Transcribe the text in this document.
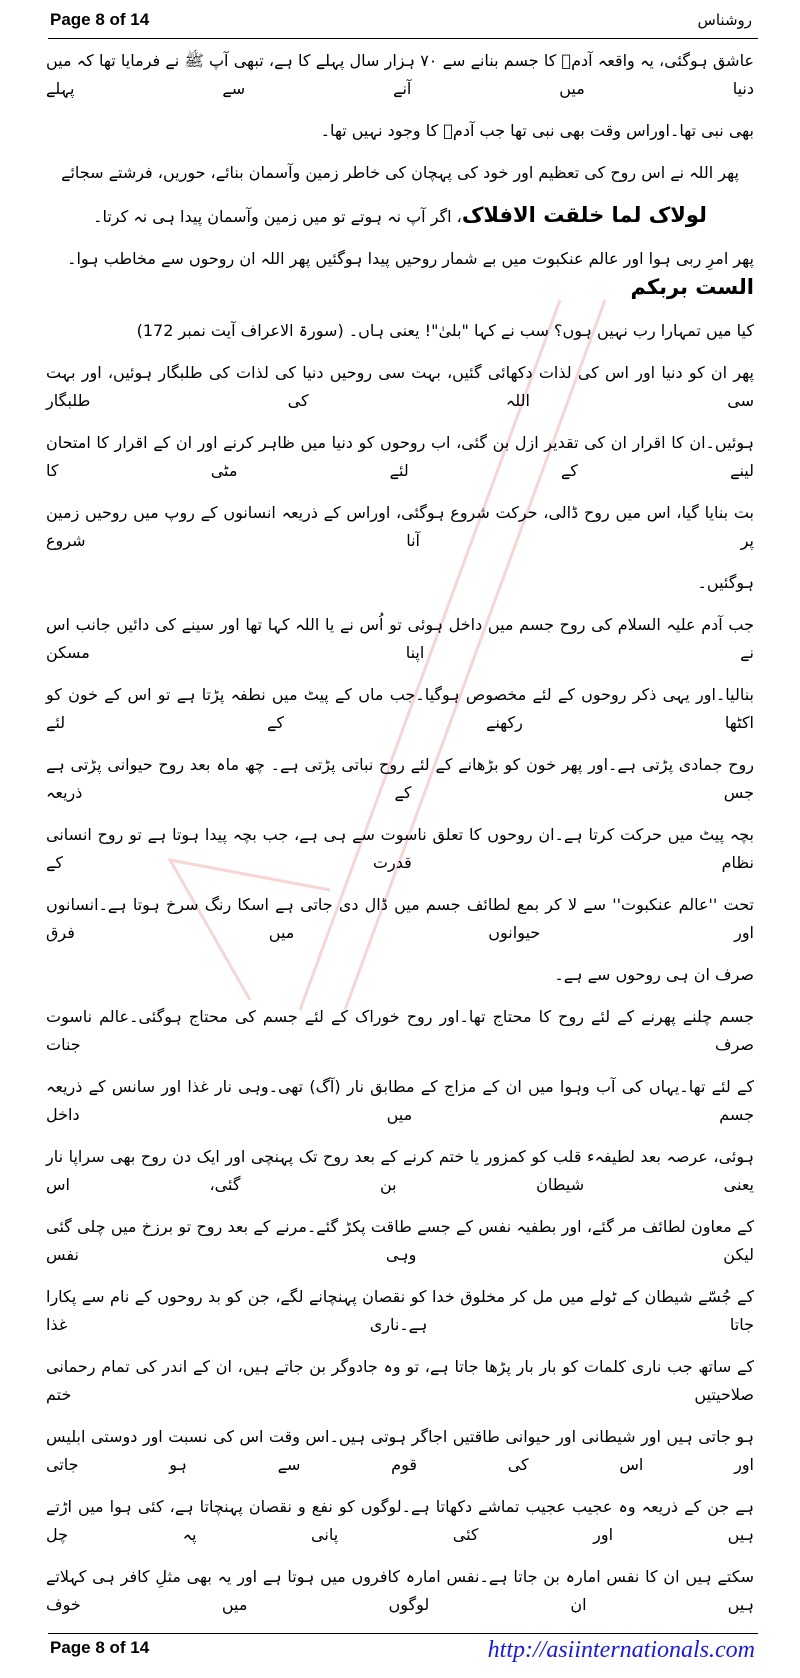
Page 8 of 14	روشناس
عاشق ہوگئی، یہ واقعہ آدمؑ کا جسم بنانے سے ۷۰ ہزار سال پہلے کا ہے، تبھی آپ ﷺ نے فرمایا تھا کہ میں دنیا میں آنے سے پہلے
بھی نبی تھا۔اوراس وقت بھی نبی تھا جب آدمؑ کا وجود نہیں تھا۔
پھر اللہ نے اس روح کی تعظیم اور خود کی پہچان کی خاطر زمین وآسمان بنائے، حوریں، فرشتے سجائے
لولاک لما خلقت الافلاک، اگر آپ نہ ہوتے تو میں زمین وآسمان پیدا ہی نہ کرتا۔
پھر امرِ ربی ہوا اور عالم عنکبوت میں بے شمار روحیں پیدا ہوگئیں پھر اللہ ان روحوں سے مخاطب ہوا۔ الست بربکم
کیا میں تمہارا رب نہیں ہوں؟ سب نے کہا "بلیٰ"! یعنی ہاں۔ (سورۃ الاعراف آیت نمبر 172)
پھر ان کو دنیا اور اس کی لذات دکھائی گئیں، بہت سی روحیں دنیا کی لذات کی طلبگار ہوئیں، اور بہت سی اللہ کی طلبگار
ہوئیں۔ان کا اقرار ان کی تقدیر ازل بن گئی، اب روحوں کو دنیا میں ظاہر کرنے اور ان کے اقرار کا امتحان لینے کے لئے مٹی کا
بت بنایا گیا، اس میں روح ڈالی، حرکت شروع ہوگئی، اوراس کے ذریعہ انسانوں کے روپ میں روحیں زمین پر آنا شروع
ہوگئیں۔
جب آدم علیہ السلام کی روح جسم میں داخل ہوئی تو اُس نے یا اللہ کہا تھا اور سینے کی دائیں جانب اس نے اپنا مسکن
بنالیا۔اور یہی ذکر روحوں کے لئے مخصوص ہوگیا۔جب ماں کے پیٹ میں نطفہ پڑتا ہے تو اس کے خون کو اکٹھا رکھنے کے لئے
روح جمادی پڑتی ہے۔اور پھر خون کو بڑھانے کے لئے روح نباتی پڑتی ہے۔ چھ ماہ بعد روح حیوانی پڑتی ہے جس کے ذریعہ
بچہ پیٹ میں حرکت کرتا ہے۔ان روحوں کا تعلق ناسوت سے ہی ہے، جب بچہ پیدا ہوتا ہے تو روح انسانی نظام قدرت کے
تحت ''عالم عنکبوت'' سے لا کر بمع لطائف جسم میں ڈال دی جاتی ہے اسکا رنگ سرخ ہوتا ہے۔انسانوں اور حیوانوں میں فرق
صرف ان ہی روحوں سے ہے۔
جسم چلنے پھرنے کے لئے روح کا محتاج تھا۔اور روح خوراک کے لئے جسم کی محتاج ہوگئی۔عالم ناسوت صرف جنات
کے لئے تھا۔یہاں کی آب وہوا میں ان کے مزاج کے مطابق نار (آگ) تھی۔وہی نار غذا اور سانس کے ذریعہ جسم میں داخل
ہوئی، عرصہ بعد لطیفہء قلب کو کمزور یا ختم کرنے کے بعد روح تک پہنچی اور ایک دن روح بھی سراپا نار یعنی شیطان بن گئی، اس
کے معاون لطائف مر گئے، اور بطفیہ نفس کے جسے طاقت پکڑ گئے۔مرنے کے بعد روح تو برزخ میں چلی گئی لیکن وہی نفس
کے جُسّے شیطان کے ٹولے میں مل کر مخلوق خدا کو نقصان پہنچانے لگے، جن کو بد روحوں کے نام سے پکارا جاتا ہے۔ناری غذا
کے ساتھ جب ناری کلمات کو بار بار پڑھا جاتا ہے، تو وہ جادوگر بن جاتے ہیں، ان کے اندر کی تمام رحمانی صلاحیتیں ختم
ہو جاتی ہیں اور شیطانی اور حیوانی طاقتیں اجاگر ہوتی ہیں۔اس وقت اس کی نسبت اور دوستی ابلیس اور اس کی قوم سے ہو جاتی
ہے جن کے ذریعہ وہ عجیب عجیب تماشے دکھاتا ہے۔لوگوں کو نفع و نقصان پہنچاتا ہے، کئی ہوا میں اڑتے ہیں اور کئی پانی پہ چل
سکتے ہیں ان کا نفس امارہ بن جاتا ہے۔نفس امارہ کافروں میں ہوتا ہے اور یہ بھی مثلِ کافر ہی کہلاتے ہیں ان لوگوں میں خوف
Page 8 of 14	http://asiinternationals.com
